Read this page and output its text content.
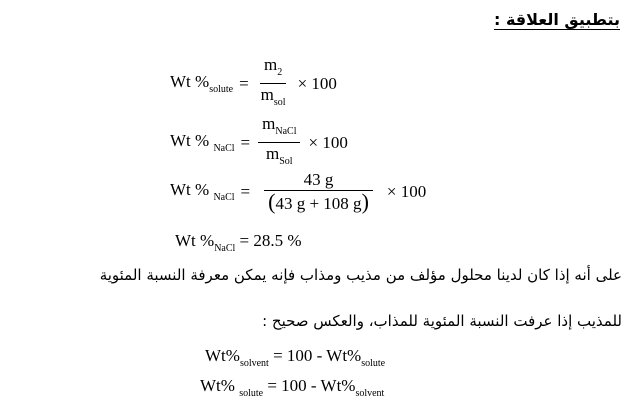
بتطبيق العلاقة :
Wt $\%_{solute} = \frac{m_2}{m_{sol}} \times 100$
Wt % $_{NaCl} = \frac{m_{NaCl}}{m_{Sol}} \times 100$
Wt % $_{NaCl} = \frac{43 g}{(43 g + 108 g)} \times 100$
Wt $\%_{NaCl} = 28.5$ %
على أنه إذا كان لدينا محلول مؤلف من مذيب ومذاب فإنه يمكن معرفة النسبة المئوية
للمذيب إذا عرفت النسبة المئوية للمذاب، والعكس صحيح :
$Wt\%_{solvent} = 100 - Wt\%_{solute}$
Wt% $_{solute} = 100 - Wt\%_{solvent}$
